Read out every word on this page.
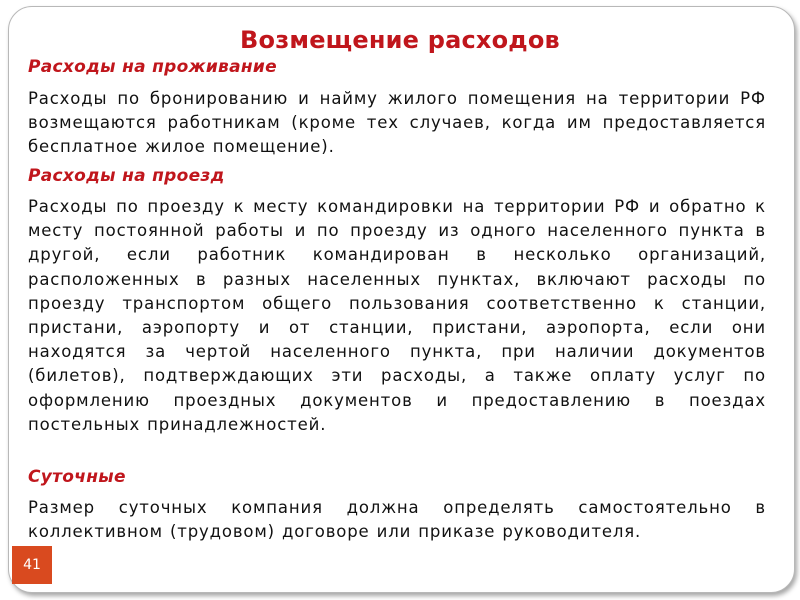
Возмещение расходов
Расходы на проживание

Расходы по бронированию и найму жилого помещения на территории РФ возмещаются работникам (кроме тех случаев, когда им предоставляется бесплатное жилое помещение).

Расходы на проезд

Расходы по проезду к месту командировки на территории РФ и обратно к месту постоянной работы и по проезду из одного населенного пункта в другой, если работник командирован в несколько организаций, расположенных в разных населенных пунктах, включают расходы по проезду транспортом общего пользования соответственно к станции, пристани, аэропорту и от станции, пристани, аэропорта, если они находятся за чертой населенного пункта, при наличии документов (билетов), подтверждающих эти расходы, а также оплату услуг по оформлению проездных документов и предоставлению в поездах постельных принадлежностей.

Суточные

Размер суточных компания должна определять самостоятельно в коллективном (трудовом) договоре или приказе руководителя.

41
